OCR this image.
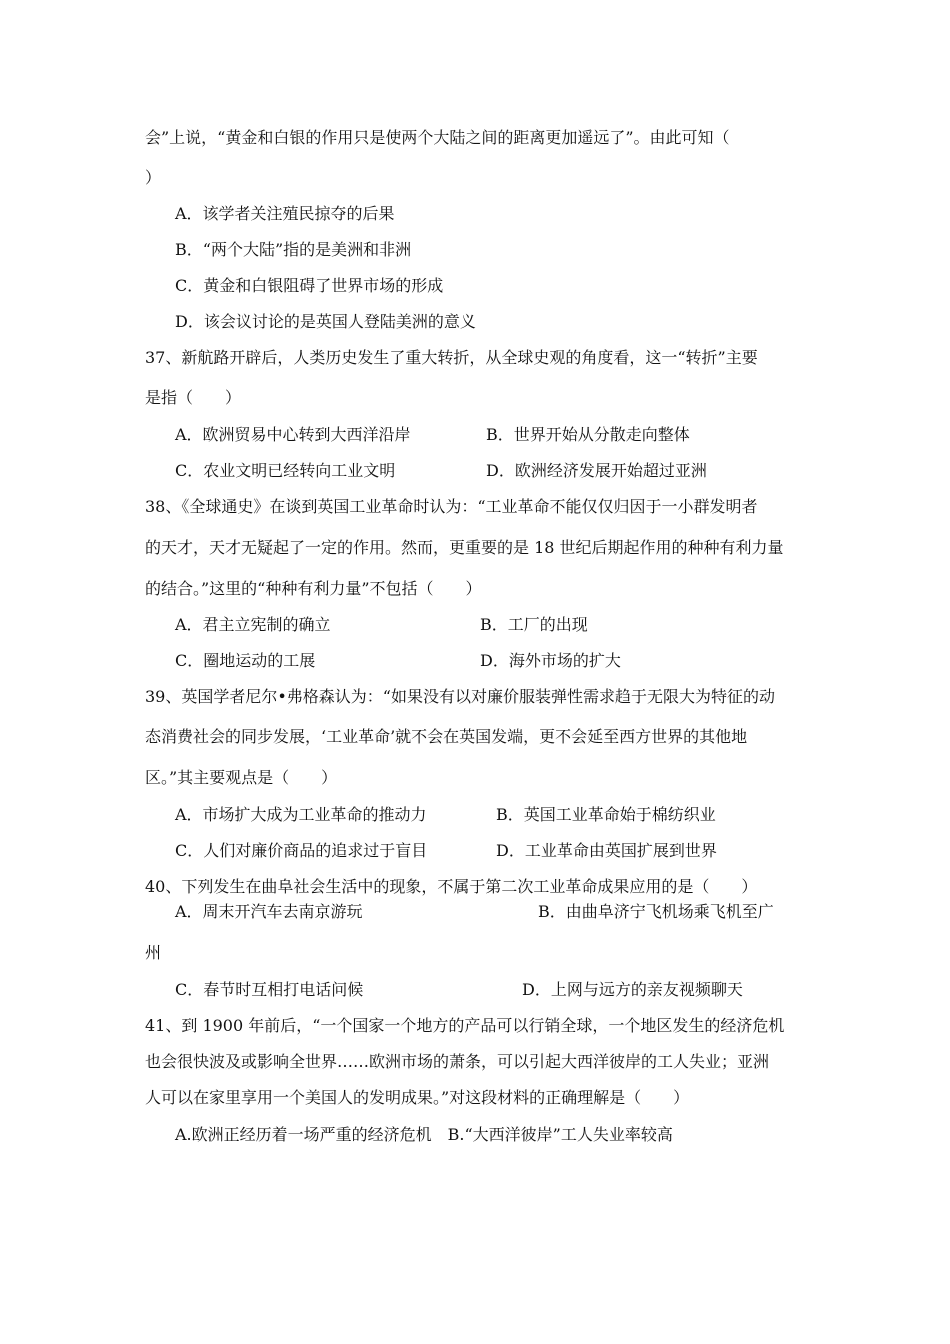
会”上说，“黄金和白银的作用只是使两个大陆之间的距离更加遥远了”。由此可知（
）
A．该学者关注殖民掠夺的后果
B．“两个大陆”指的是美洲和非洲
C．黄金和白银阻碍了世界市场的形成
D．该会议讨论的是英国人登陆美洲的意义
37、新航路开辟后，人类历史发生了重大转折，从全球史观的角度看，这一“转折”主要
是指（　　）
A．欧洲贸易中心转到大西洋沿岸	B．世界开始从分散走向整体
C．农业文明已经转向工业文明	D．欧洲经济发展开始超过亚洲
38、《全球通史》在谈到英国工业革命时认为：“工业革命不能仅仅归因于一小群发明者
的天才，天才无疑起了一定的作用。然而，更重要的是 18 世纪后期起作用的种种有利力量
的结合。”这里的“种种有利力量”不包括（　　）
A．君主立宪制的确立	B．工厂的出现
C．圈地运动的工展	D．海外市场的扩大
39、英国学者尼尔•弗格森认为：“如果没有以对廉价服装弹性需求趋于无限大为特征的动
态消费社会的同步发展，‘工业革命’就不会在英国发端，更不会延至西方世界的其他地
区。”其主要观点是（　　）
A．市场扩大成为工业革命的推动力	B．英国工业革命始于棉纺织业
C．人们对廉价商品的追求过于盲目	D．工业革命由英国扩展到世界
40、下列发生在曲阜社会生活中的现象，不属于第二次工业革命成果应用的是（　　）
A．周末开汽车去南京游玩	B．由曲阜济宁飞机场乘飞机至广
州
C．春节时互相打电话问候	D．上网与远方的亲友视频聊天
41、到 1900 年前后，“一个国家一个地方的产品可以行销全球，一个地区发生的经济危机
也会很快波及或影响全世界……欧洲市场的萧条，可以引起大西洋彼岸的工人失业；亚洲
人可以在家里享用一个美国人的发明成果。”对这段材料的正确理解是（　　）
A.欧洲正经历着一场严重的经济危机　B.“大西洋彼岸”工人失业率较高
